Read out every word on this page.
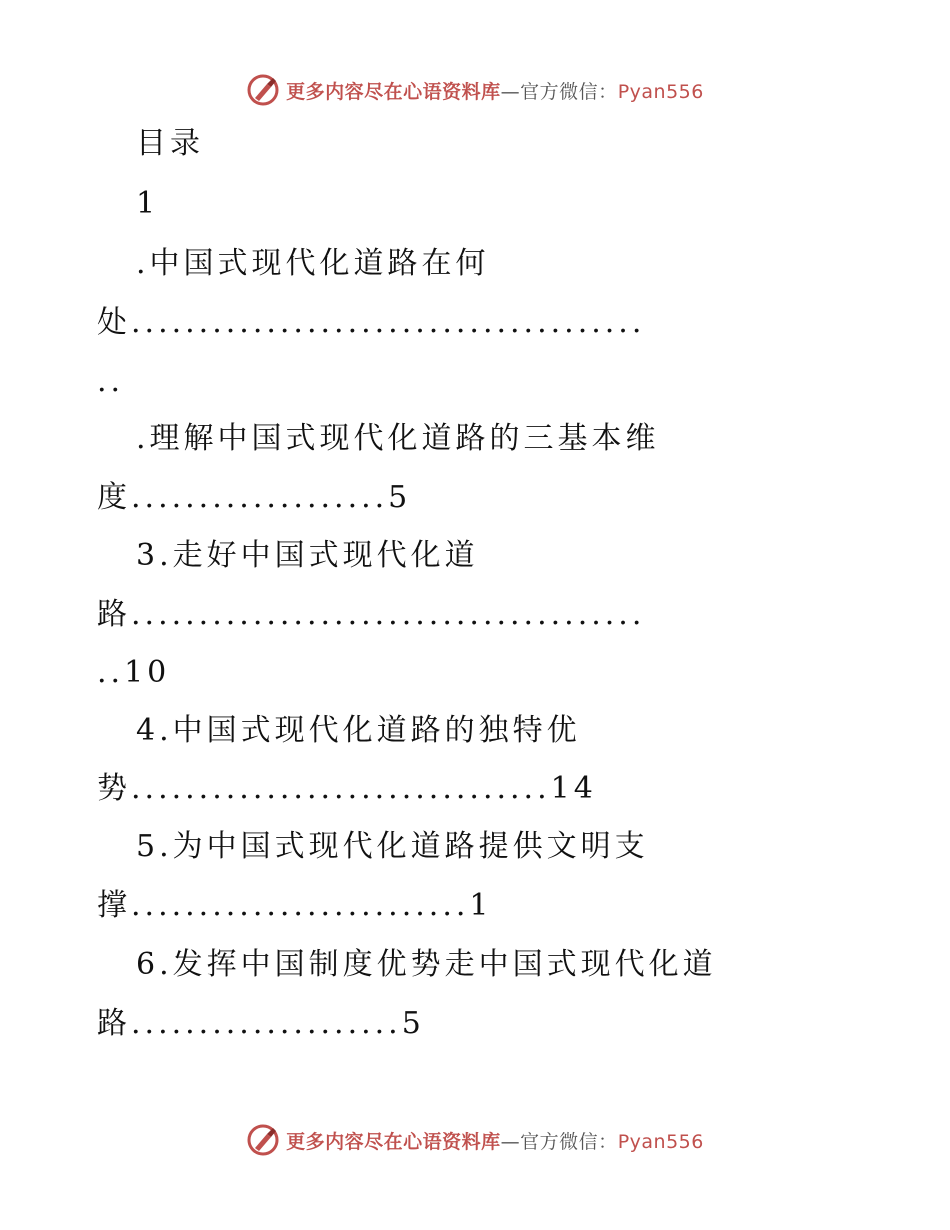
更多内容尽在心语资料库—官方微信：Pyan556
目录
1
.中国式现代化道路在何
处......................................
..
.理解中国式现代化道路的三基本维
度...................5
3.走好中国式现代化道
路......................................
..10
4.中国式现代化道路的独特优
势...............................14
5.为中国式现代化道路提供文明支
撑.........................1
6.发挥中国制度优势走中国式现代化道
路....................5
更多内容尽在心语资料库—官方微信：Pyan556
